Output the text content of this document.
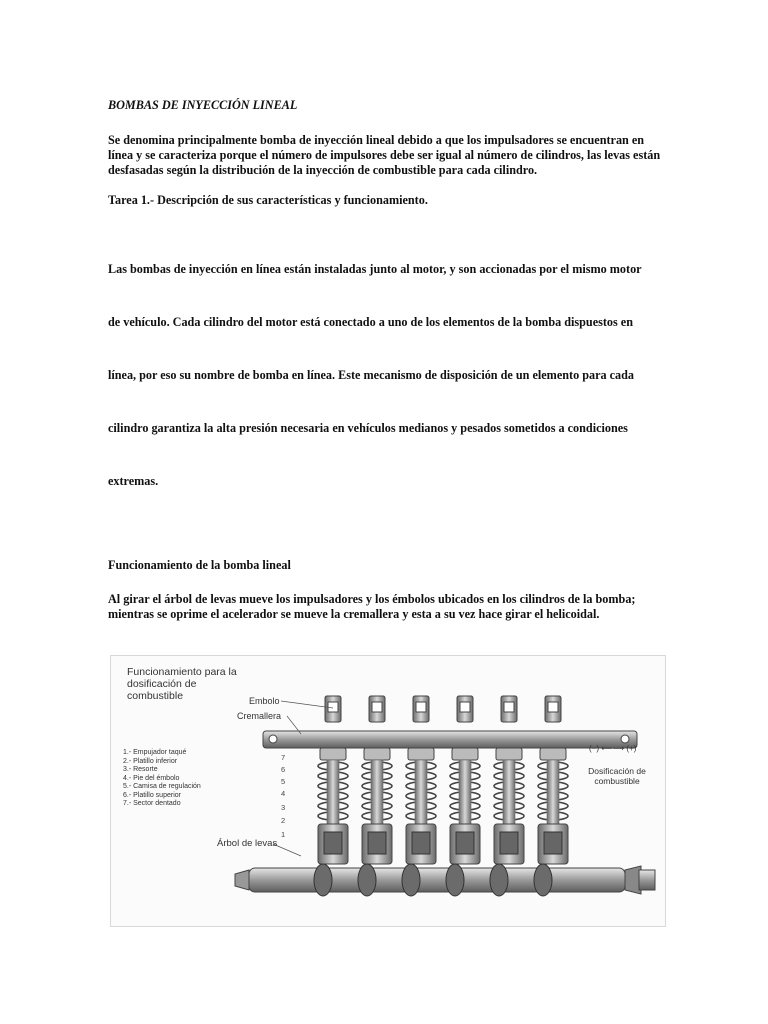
BOMBAS DE INYECCIÓN LINEAL

Se denomina principalmente bomba de inyección lineal debido a que los impulsadores se encuentran en línea y se caracteriza porque el número de impulsores debe ser igual al número de cilindros, las levas están desfasadas según la distribución de la inyección de combustible para cada cilindro.

Tarea 1.- Descripción de sus características y funcionamiento.

Las bombas de inyección en línea están instaladas junto al motor, y son accionadas por el mismo motor

de vehículo. Cada cilindro del motor está conectado a uno de los elementos de la bomba dispuestos en

línea, por eso su nombre de bomba en línea. Este mecanismo de disposición de un elemento para cada

cilindro garantiza la alta presión necesaria en vehículos medianos y pesados sometidos a condiciones

extremas.

Funcionamiento de la bomba lineal

Al girar el árbol de levas mueve los impulsadores y los émbolos ubicados en los cilindros de la bomba; mientras se oprime el acelerador se mueve la cremallera y esta a su vez hace girar el helicoidal.

Funcionamiento para la dosificación de combustible
1.- Empujador taqué
2.- Platillo inferior
3.- Resorte
4.- Pie del émbolo
5.- Camisa de regulación
6.- Platillo superior
7.- Sector dentado
Embolo
Cremallera
Árbol de levas
(−) ⟵⟶ (+)
Dosificación de combustible
7
6
5
4
3
2
1
